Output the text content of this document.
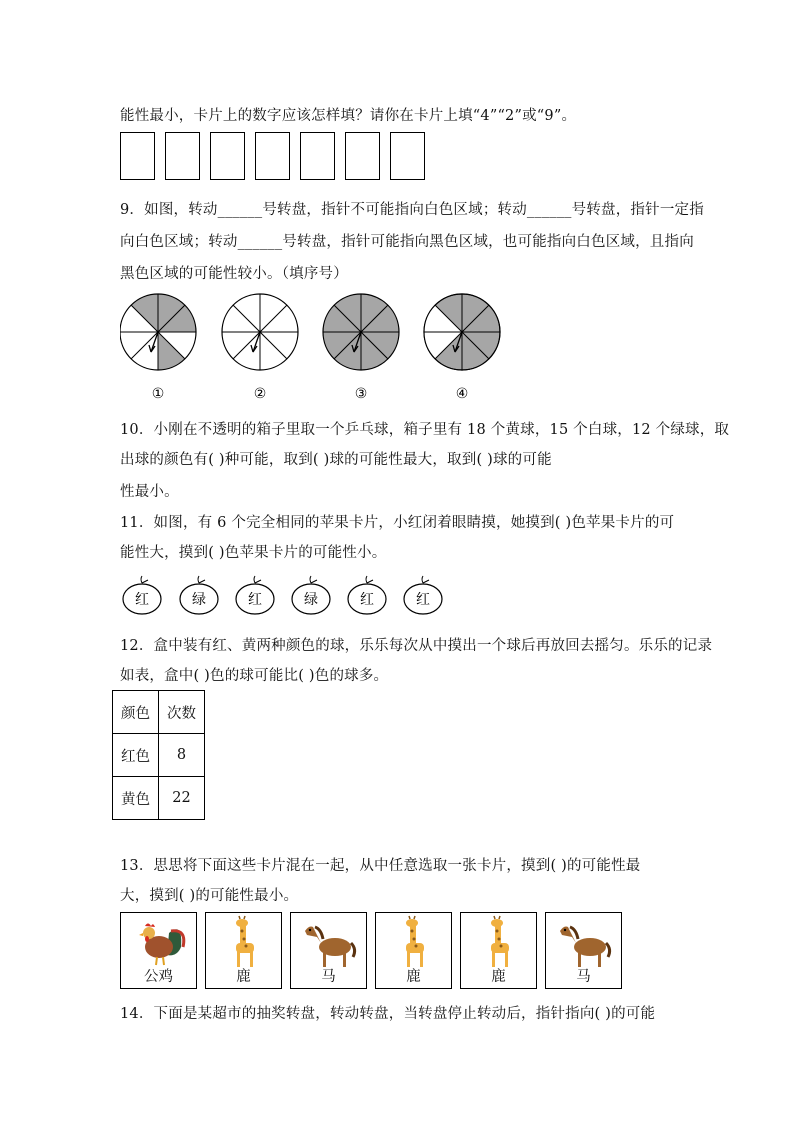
能性最小，卡片上的数字应该怎样填？请你在卡片上填“4”“2”或“9”。
9．如图，转动______号转盘，指针不可能指向白色区域；转动______号转盘，指针一定指
向白色区域；转动______号转盘，指针可能指向黑色区域，也可能指向白色区域，且指向
黑色区域的可能性较小。（填序号）
①	②	③	④
10．小刚在不透明的箱子里取一个乒乓球，箱子里有 18 个黄球，15 个白球，12 个绿球，取
出球的颜色有( )种可能，取到( )球的可能性最大，取到( )球的可能
性最小。
11．如图，有 6 个完全相同的苹果卡片，小红闭着眼睛摸，她摸到( )色苹果卡片的可
能性大，摸到( )色苹果卡片的可能性小。
红	绿	红	绿	红	红
12．盒中装有红、黄两种颜色的球，乐乐每次从中摸出一个球后再放回去摇匀。乐乐的记录
如表，盒中( )色的球可能比( )色的球多。
颜色	次数
红色	8
黄色	22
13．思思将下面这些卡片混在一起，从中任意选取一张卡片，摸到( )的可能性最
大，摸到( )的可能性最小。
公鸡	鹿	马	鹿	鹿	马
14．下面是某超市的抽奖转盘，转动转盘，当转盘停止转动后，指针指向( )的可能
